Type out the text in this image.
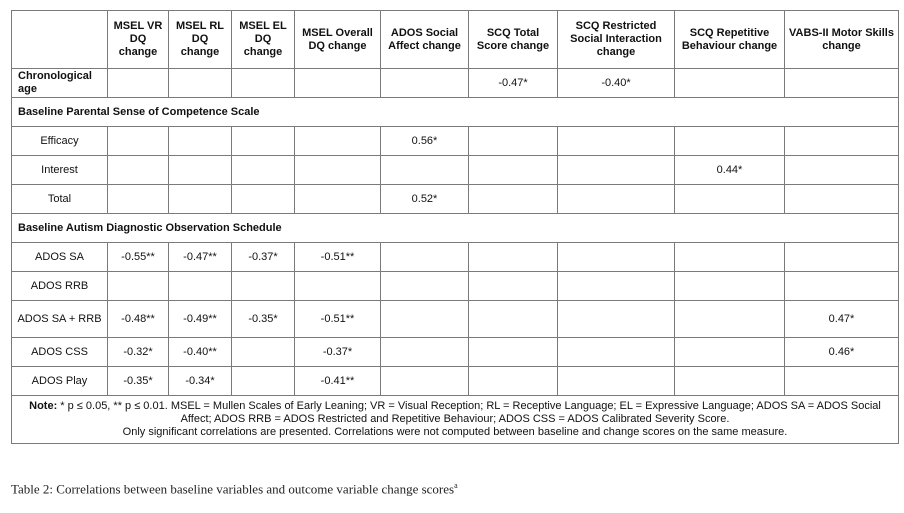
	MSEL VR DQ change	MSEL RL DQ change	MSEL EL DQ change	MSEL Overall DQ change	ADOS Social Affect change	SCQ Total Score change	SCQ Restricted Social Interaction change	SCQ Repetitive Behaviour change	VABS-II Motor Skills change
Chronological age						-0.47*	-0.40*		
Baseline Parental Sense of Competence Scale									
Efficacy					0.56*				
Interest								0.44*	
Total					0.52*				
Baseline Autism Diagnostic Observation Schedule									
ADOS SA	-0.55**	-0.47**	-0.37*	-0.51**					
ADOS RRB									
ADOS SA + RRB	-0.48**	-0.49**	-0.35*	-0.51**					0.47*
ADOS CSS	-0.32*	-0.40**		-0.37*					0.46*
ADOS Play	-0.35*	-0.34*		-0.41**					
Note: * p ≤ 0.05, ** p ≤ 0.01. MSEL = Mullen Scales of Early Leaning; VR = Visual Reception; RL = Receptive Language; EL = Expressive Language; ADOS SA = ADOS Social Affect; ADOS RRB = ADOS Restricted and Repetitive Behaviour; ADOS CSS = ADOS Calibrated Severity Score.
Only significant correlations are presented. Correlations were not computed between baseline and change scores on the same measure.									
Table 2: Correlations between baseline variables and outcome variable change scores$^a$
